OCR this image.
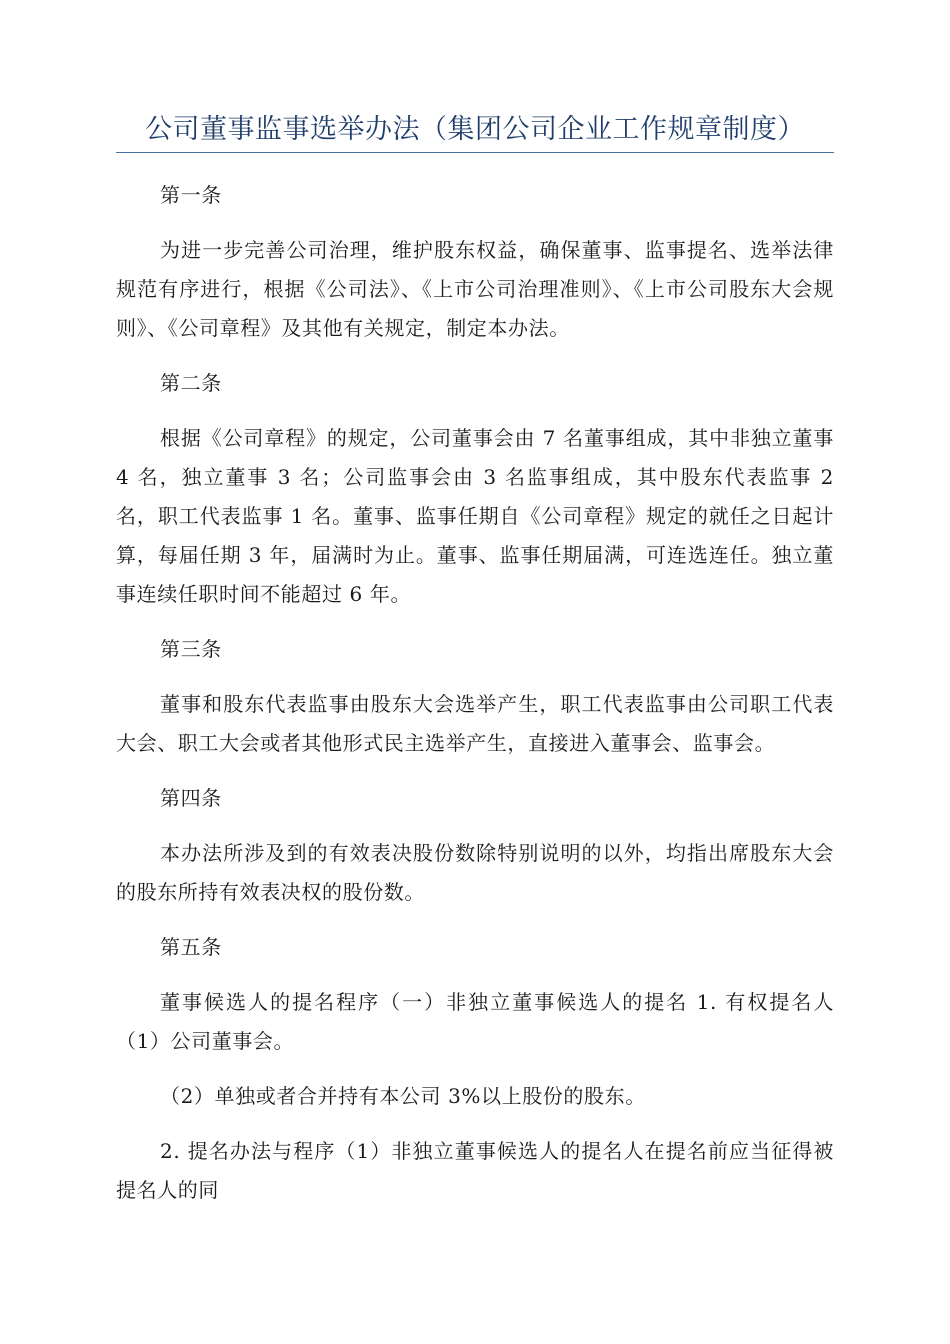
公司董事监事选举办法（集团公司企业工作规章制度）

第一条

为进一步完善公司治理，维护股东权益，确保董事、监事提名、选举法律规范有序进行，根据《公司法》、《上市公司治理准则》、《上市公司股东大会规则》、《公司章程》及其他有关规定，制定本办法。

第二条

根据《公司章程》的规定，公司董事会由 7 名董事组成，其中非独立董事 4 名，独立董事 3 名；公司监事会由 3 名监事组成，其中股东代表监事 2 名，职工代表监事 1 名。董事、监事任期自《公司章程》规定的就任之日起计算，每届任期 3 年，届满时为止。董事、监事任期届满，可连选连任。独立董事连续任职时间不能超过 6 年。

第三条

董事和股东代表监事由股东大会选举产生，职工代表监事由公司职工代表大会、职工大会或者其他形式民主选举产生，直接进入董事会、监事会。

第四条

本办法所涉及到的有效表决股份数除特别说明的以外，均指出席股东大会的股东所持有效表决权的股份数。

第五条

董事候选人的提名程序（一）非独立董事候选人的提名 1. 有权提名人（1）公司董事会。

（2）单独或者合并持有本公司 3%以上股份的股东。

2. 提名办法与程序（1）非独立董事候选人的提名人在提名前应当征得被提名人的同
